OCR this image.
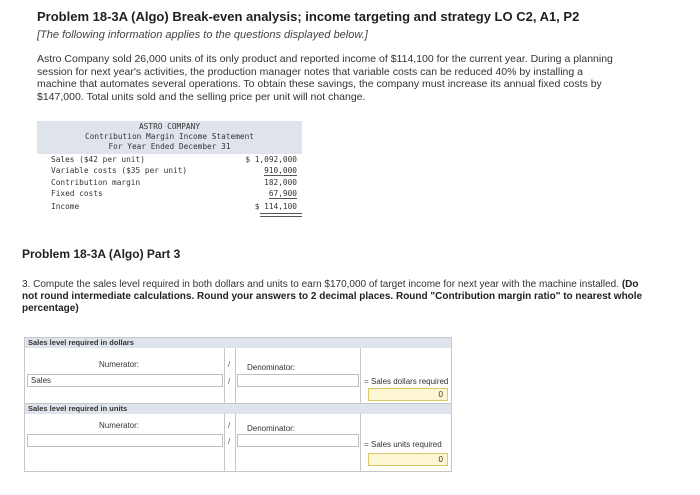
Problem 18-3A (Algo) Break-even analysis; income targeting and strategy LO C2, A1, P2
[The following information applies to the questions displayed below.]
Astro Company sold 26,000 units of its only product and reported income of $114,100 for the current year. During a planning session for next year's activities, the production manager notes that variable costs can be reduced 40% by installing a machine that automates several operations. To obtain these savings, the company must increase its annual fixed costs by $147,000. Total units sold and the selling price per unit will not change.
ASTRO COMPANY
Contribution Margin Income Statement
For Year Ended December 31
Sales ($42 per unit)	$ 1,092,000
Variable costs ($35 per unit)	910,000
Contribution margin	182,000
Fixed costs	67,900
Income	$ 114,100
Problem 18-3A (Algo) Part 3
3. Compute the sales level required in both dollars and units to earn $170,000 of target income for next year with the machine installed. (Do not round intermediate calculations. Round your answers to 2 decimal places. Round "Contribution margin ratio" to nearest whole percentage)
Sales level required in dollars
Numerator:	Denominator:
/
Sales	/	= Sales dollars required
0
Sales level required in units
Numerator:	Denominator:
/
/	= Sales units required
0
